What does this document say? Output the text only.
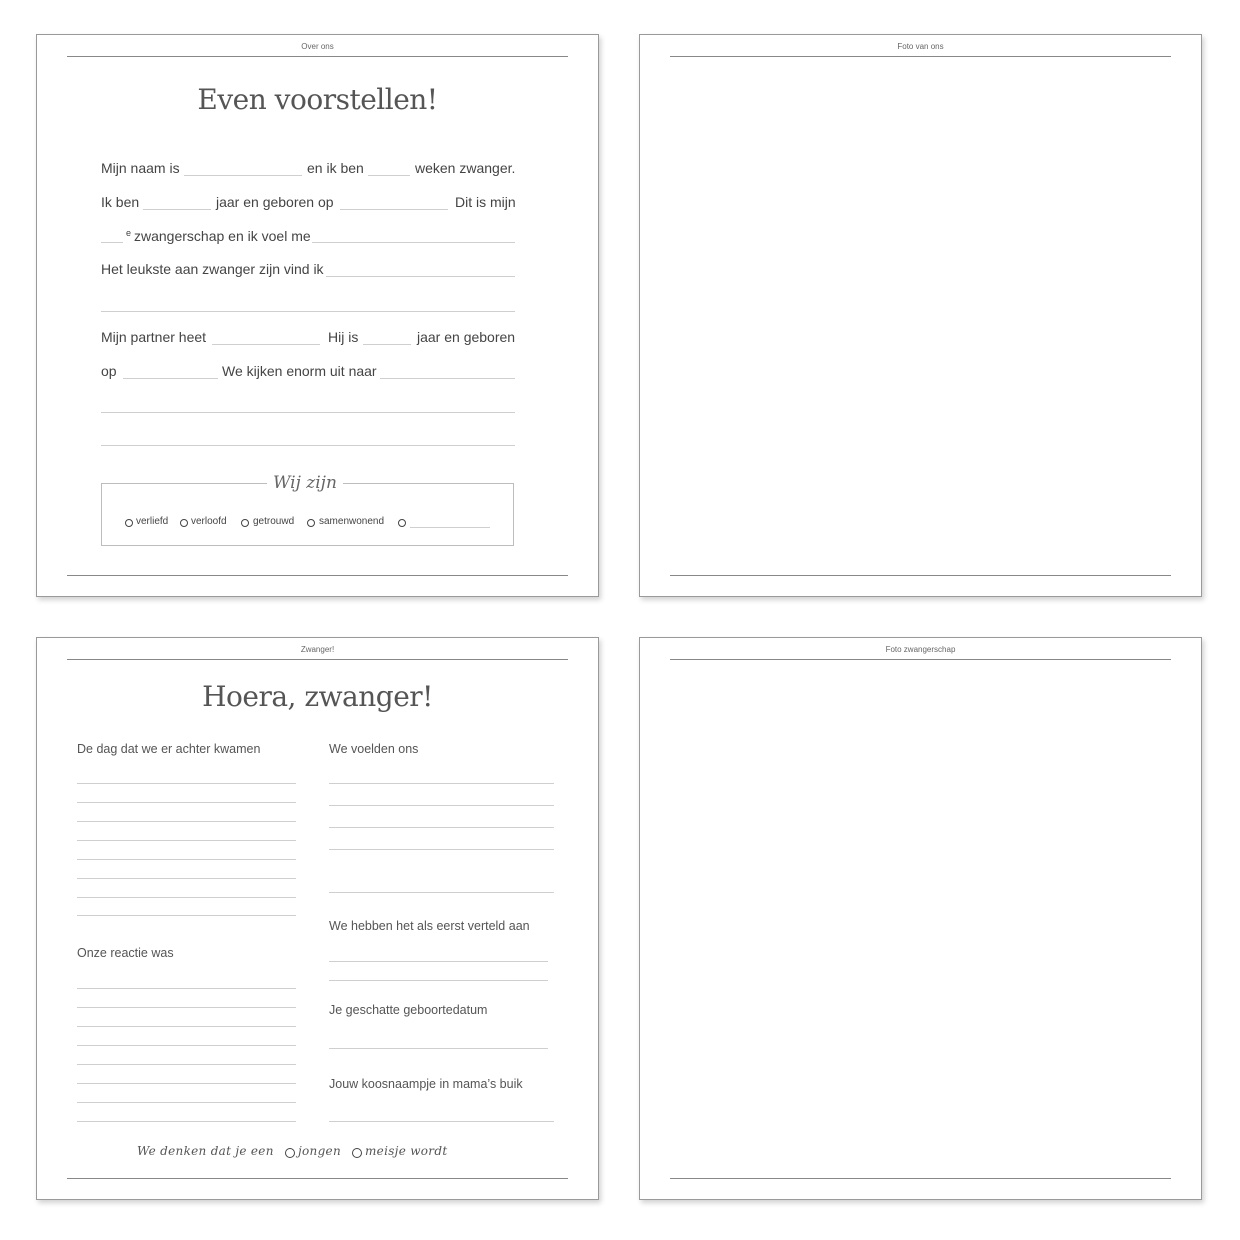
Over ons
Even voorstellen!
Mijn naam is	en ik ben	weken zwanger.
Ik ben	jaar en geboren op	Dit is mijn
e zwangerschap en ik voel me
Het leukste aan zwanger zijn vind ik
Mijn partner heet	Hij is	jaar en geboren
op	We kijken enorm uit naar
Wij zijn
verliefd verloofd	getrouwd samenwonend
Foto van ons
Zwanger!
Hoera, zwanger!
De dag dat we er achter kwamen
Onze reactie was
We voelden ons
We hebben het als eerst verteld aan
Je geschatte geboortedatum
Jouw koosnaampje in mama’s buik
We denken dat je een jongen meisje wordt
Foto zwangerschap
